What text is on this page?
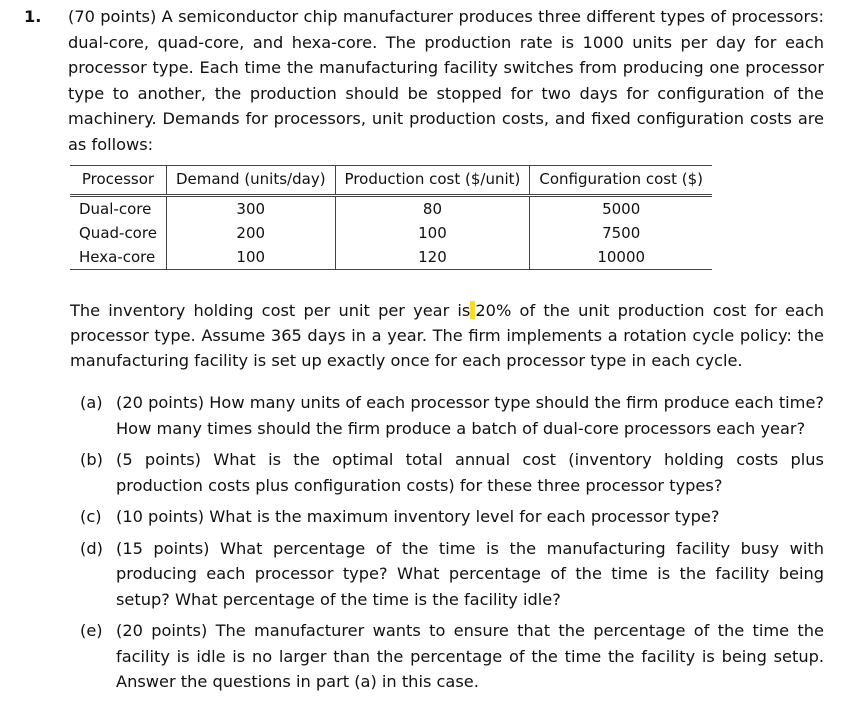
1. (70 points) A semiconductor chip manufacturer produces three different types of processors: dual-core, quad-core, and hexa-core. The production rate is 1000 units per day for each processor type. Each time the manufacturing facility switches from producing one processor type to another, the production should be stopped for two days for configuration of the machinery. Demands for processors, unit production costs, and fixed configuration costs are as follows:
Processor	Demand (units/day)	Production cost ($/unit)	Configuration cost ($)
Dual-core	300	80	5000
Quad-core	200	100	7500
Hexa-core	100	120	10000
The inventory holding cost per unit per year is 20% of the unit production cost for each processor type. Assume 365 days in a year. The firm implements a rotation cycle policy: the manufacturing facility is set up exactly once for each processor type in each cycle.
(a) (20 points) How many units of each processor type should the firm produce each time? How many times should the firm produce a batch of dual-core processors each year?
(b) (5 points) What is the optimal total annual cost (inventory holding costs plus production costs plus configuration costs) for these three processor types?
(c) (10 points) What is the maximum inventory level for each processor type?
(d) (15 points) What percentage of the time is the manufacturing facility busy with producing each processor type? What percentage of the time is the facility being setup? What percentage of the time is the facility idle?
(e) (20 points) The manufacturer wants to ensure that the percentage of the time the facility is idle is no larger than the percentage of the time the facility is being setup. Answer the questions in part (a) in this case.
